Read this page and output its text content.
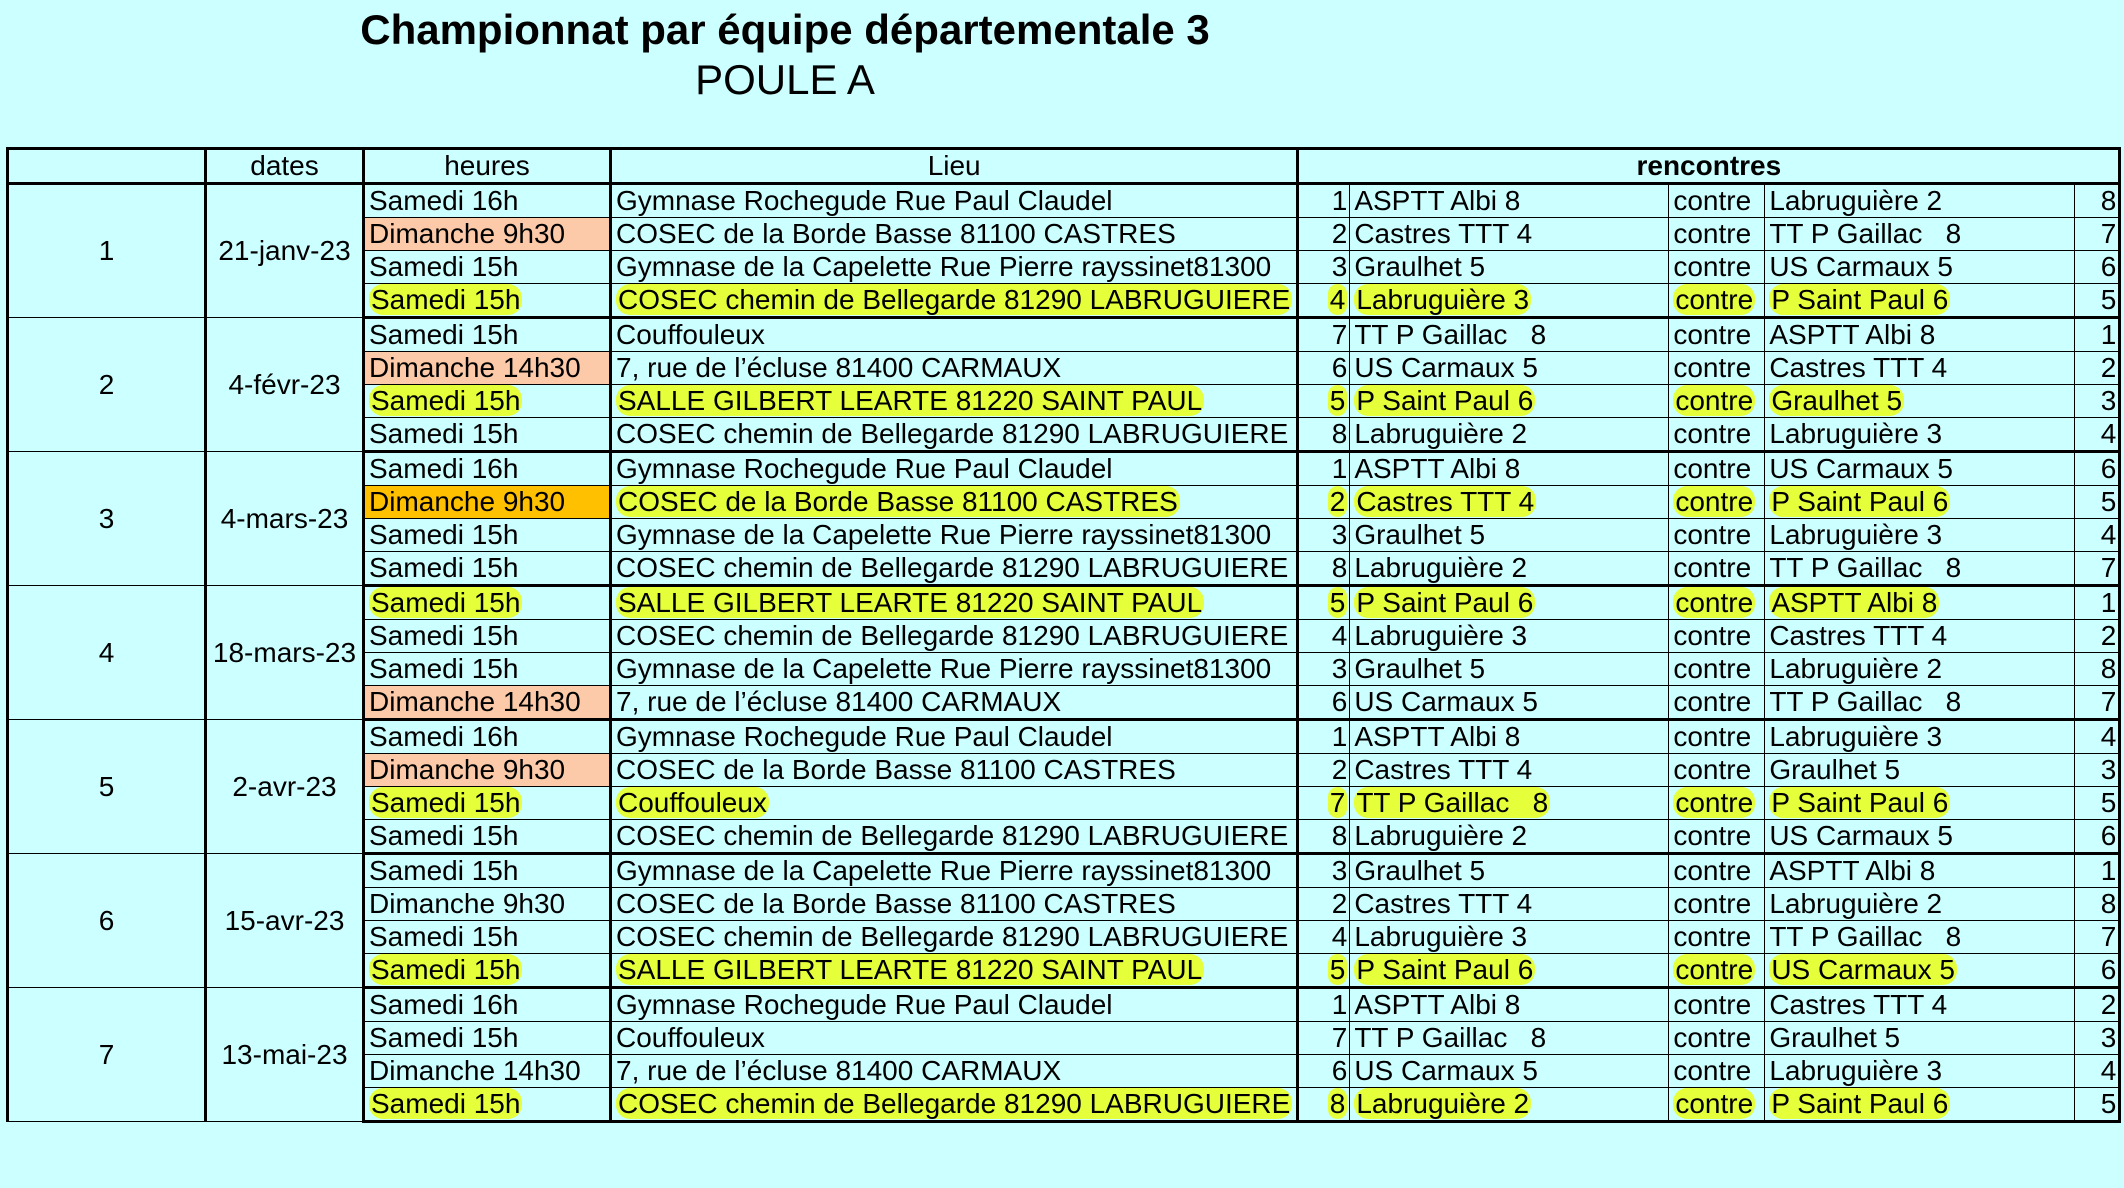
Championnat par équipe départementale 3
POULE A
	dates	heures	Lieu	rencontres				
1	21-janv-23	Samedi 16h	Gymnase Rochegude Rue Paul Claudel	1	ASPTT Albi 8	contre	Labruguière 2	8

		Dimanche 9h30	COSEC de la Borde Basse 81100 CASTRES	2	Castres TTT 4	contre	TT P Gaillac   8	7
		Samedi 15h	Gymnase de la Capelette Rue Pierre rayssinet81300	3	Graulhet 5	contre	US Carmaux 5	6
		Samedi 15h	COSEC chemin de Bellegarde 81290 LABRUGUIERE	4	Labruguière 3	contre	P Saint Paul 6	5
2	4-févr-23	Samedi 15h	Couffouleux	7	TT P Gaillac   8	contre	ASPTT Albi 8	1

		Dimanche 14h30	7, rue de l’écluse 81400 CARMAUX	6	US Carmaux 5	contre	Castres TTT 4	2
		Samedi 15h	SALLE GILBERT LEARTE 81220 SAINT PAUL	5	P Saint Paul 6	contre	Graulhet 5	3
		Samedi 15h	COSEC chemin de Bellegarde 81290 LABRUGUIERE	8	Labruguière 2	contre	Labruguière 3	4
3	4-mars-23	Samedi 16h	Gymnase Rochegude Rue Paul Claudel	1	ASPTT Albi 8	contre	US Carmaux 5	6

		Dimanche 9h30	COSEC de la Borde Basse 81100 CASTRES	2	Castres TTT 4	contre	P Saint Paul 6	5
		Samedi 15h	Gymnase de la Capelette Rue Pierre rayssinet81300	3	Graulhet 5	contre	Labruguière 3	4
		Samedi 15h	COSEC chemin de Bellegarde 81290 LABRUGUIERE	8	Labruguière 2	contre	TT P Gaillac   8	7
4	18-mars-23	Samedi 15h	SALLE GILBERT LEARTE 81220 SAINT PAUL	5	P Saint Paul 6	contre	ASPTT Albi 8	1
		Samedi 15h	COSEC chemin de Bellegarde 81290 LABRUGUIERE	4	Labruguière 3	contre	Castres TTT 4	2
		Samedi 15h	Gymnase de la Capelette Rue Pierre rayssinet81300	3	Graulhet 5	contre	Labruguière 2	8

		Dimanche 14h30	7, rue de l’écluse 81400 CARMAUX	6	US Carmaux 5	contre	TT P Gaillac   8	7
5	2-avr-23	Samedi 16h	Gymnase Rochegude Rue Paul Claudel	1	ASPTT Albi 8	contre	Labruguière 3	4

		Dimanche 9h30	COSEC de la Borde Basse 81100 CASTRES	2	Castres TTT 4	contre	Graulhet 5	3
		Samedi 15h	Couffouleux	7	TT P Gaillac   8	contre	P Saint Paul 6	5
		Samedi 15h	COSEC chemin de Bellegarde 81290 LABRUGUIERE	8	Labruguière 2	contre	US Carmaux 5	6
6	15-avr-23	Samedi 15h	Gymnase de la Capelette Rue Pierre rayssinet81300	3	Graulhet 5	contre	ASPTT Albi 8	1
		Dimanche 9h30	COSEC de la Borde Basse 81100 CASTRES	2	Castres TTT 4	contre	Labruguière 2	8
		Samedi 15h	COSEC chemin de Bellegarde 81290 LABRUGUIERE	4	Labruguière 3	contre	TT P Gaillac   8	7
		Samedi 15h	SALLE GILBERT LEARTE 81220 SAINT PAUL	5	P Saint Paul 6	contre	US Carmaux 5	6
7	13-mai-23	Samedi 16h	Gymnase Rochegude Rue Paul Claudel	1	ASPTT Albi 8	contre	Castres TTT 4	2
		Samedi 15h	Couffouleux	7	TT P Gaillac   8	contre	Graulhet 5	3
		Dimanche 14h30	7, rue de l’écluse 81400 CARMAUX	6	US Carmaux 5	contre	Labruguière 3	4
		Samedi 15h	COSEC chemin de Bellegarde 81290 LABRUGUIERE	8	Labruguière 2	contre	P Saint Paul 6	5
